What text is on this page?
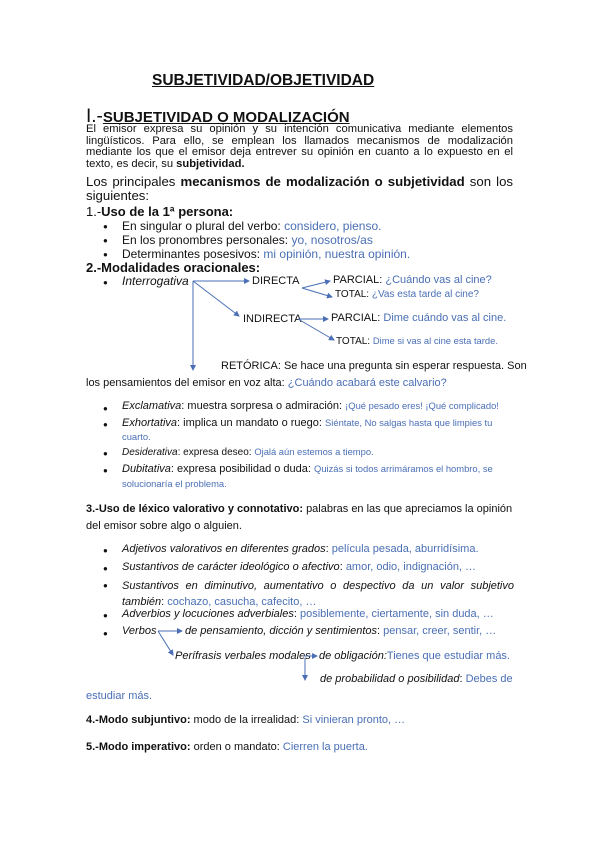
SUBJETIVIDAD/OBJETIVIDAD
I.-SUBJETIVIDAD O MODALIZACIÓN
El emisor expresa su opinión y su intención comunicativa mediante elementos lingüísticos. Para ello, se emplean los llamados mecanismos de modalización mediante los que el emisor deja entrever su opinión en cuanto a lo expuesto en el texto, es decir, su subjetividad.
Los principales mecanismos de modalización o subjetividad son los siguientes:
1.-Uso de la 1ª persona:
● En singular o plural del verbo: considero, pienso.
● En los pronombres personales: yo, nosotros/as
● Determinantes posesivos: mi opinión, nuestra opinión.
2.-Modalidades oracionales:
● Interrogativa	DIRECTA	PARCIAL: ¿Cuándo vas al cine?
TOTAL: ¿Vas esta tarde al cine?
INDIRECTA	PARCIAL: Dime cuándo vas al cine.
TOTAL: Dime si vas al cine esta tarde.
RETÓRICA: Se hace una pregunta sin esperar respuesta. Son
los pensamientos del emisor en voz alta: ¿Cuándo acabará este calvario?
● Exclamativa: muestra sorpresa o admiración: ¡Qué pesado eres! ¡Qué complicado!
● Exhortativa: implica un mandato o ruego: Siéntate, No salgas hasta que limpies tu cuarto.
● Desiderativa: expresa deseo: Ojalá aún estemos a tiempo.
● Dubitativa: expresa posibilidad o duda: Quizás si todos arrimáramos el hombro, se solucionaría el problema.
3.-Uso de léxico valorativo y connotativo: palabras en las que apreciamos la opinión del emisor sobre algo o alguien.
● Adjetivos valorativos en diferentes grados: película pesada, aburridísima.
● Sustantivos de carácter ideológico o afectivo: amor, odio, indignación, …
● Sustantivos en diminutivo, aumentativo o despectivo da un valor subjetivo también: cochazo, casucha, cafecito, …
● Adverbios y locuciones adverbiales: posiblemente, ciertamente, sin duda, …
● Verbos	de pensamiento, dicción y sentimientos: pensar, creer, sentir, …
Perífrasis verbales modales de obligación:Tienes que estudiar más.
de probabilidad o posibilidad: Debes de
estudiar más.
4.-Modo subjuntivo: modo de la irrealidad: Si vinieran pronto, …
5.-Modo imperativo: orden o mandato: Cierren la puerta.
